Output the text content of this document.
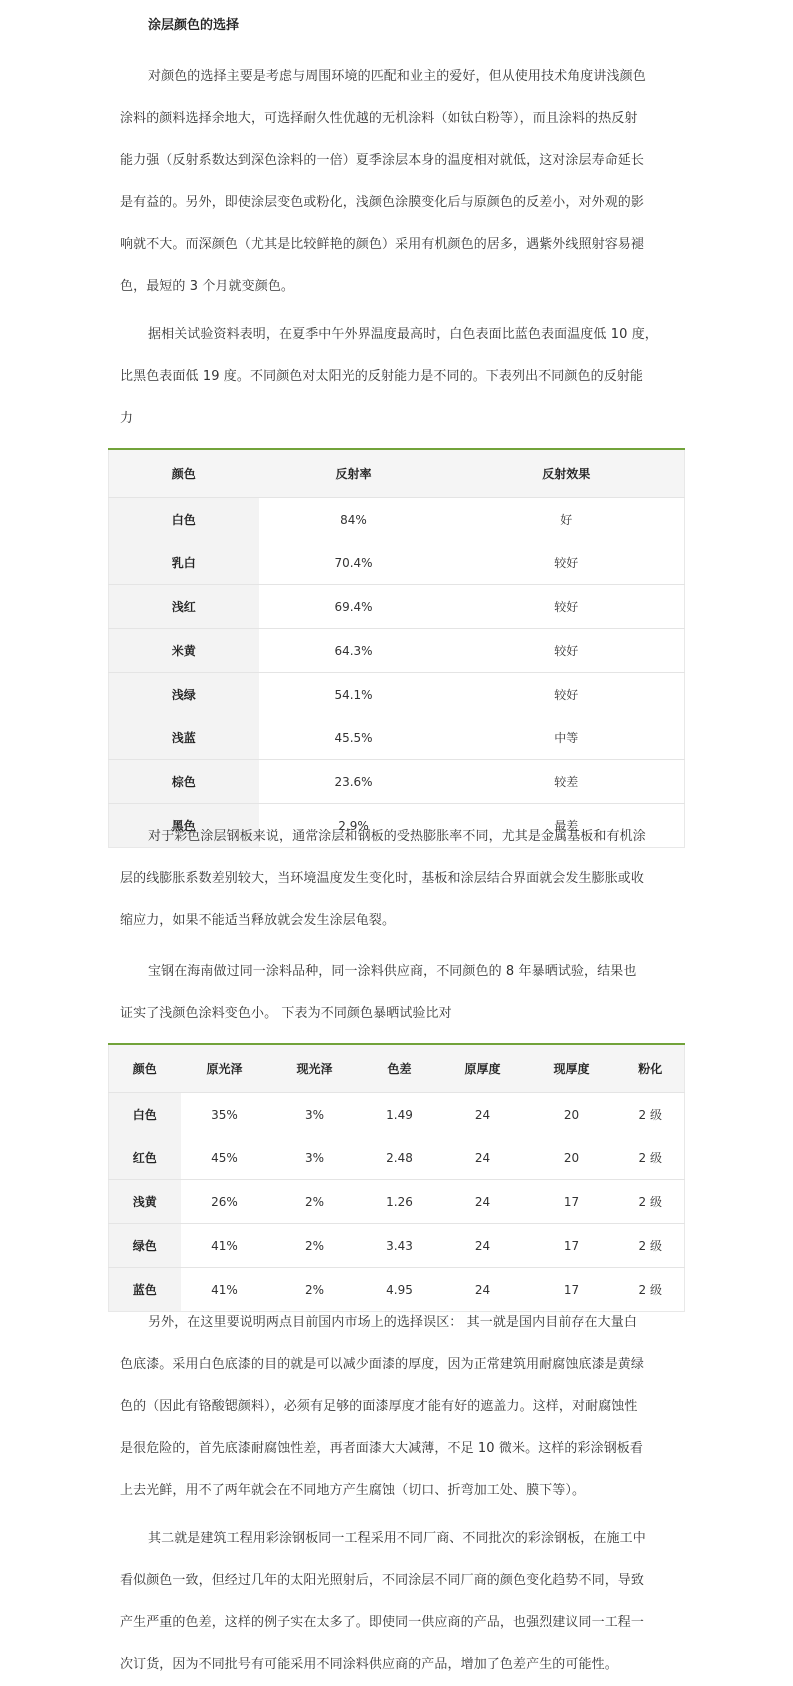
涂层颜色的选择

对颜色的选择主要是考虑与周围环境的匹配和业主的爱好，但从使用技术角度讲浅颜色
涂料的颜料选择余地大，可选择耐久性优越的无机涂料（如钛白粉等），而且涂料的热反射
能力强（反射系数达到深色涂料的一倍）夏季涂层本身的温度相对就低，这对涂层寿命延长
是有益的。另外，即使涂层变色或粉化，浅颜色涂膜变化后与原颜色的反差小，对外观的影
响就不大。而深颜色（尤其是比较鲜艳的颜色）采用有机颜色的居多，遇紫外线照射容易褪
色，最短的 3 个月就变颜色。

据相关试验资料表明，在夏季中午外界温度最高时，白色表面比蓝色表面温度低 10 度，
比黑色表面低 19 度。不同颜色对太阳光的反射能力是不同的。下表列出不同颜色的反射能
力

颜色	反射率	反射效果
白色	84%	好
乳白	70.4%	较好
浅红	69.4%	较好
米黄	64.3%	较好
浅绿	54.1%	较好
浅蓝	45.5%	中等
棕色	23.6%	较差
黑色	2.9%	最差

对于彩色涂层钢板来说，通常涂层和钢板的受热膨胀率不同，尤其是金属基板和有机涂
层的线膨胀系数差别较大，当环境温度发生变化时，基板和涂层结合界面就会发生膨胀或收
缩应力，如果不能适当释放就会发生涂层龟裂。

宝钢在海南做过同一涂料品种，同一涂料供应商，不同颜色的 8 年暴晒试验，结果也
证实了浅颜色涂料变色小。 下表为不同颜色暴晒试验比对

颜色	原光泽	现光泽	色差	原厚度	现厚度	粉化
白色	35%	3%	1.49	24	20	2 级
红色	45%	3%	2.48	24	20	2 级
浅黄	26%	2%	1.26	24	17	2 级
绿色	41%	2%	3.43	24	17	2 级
蓝色	41%	2%	4.95	24	17	2 级

另外，在这里要说明两点目前国内市场上的选择误区： 其一就是国内目前存在大量白
色底漆。采用白色底漆的目的就是可以减少面漆的厚度，因为正常建筑用耐腐蚀底漆是黄绿
色的（因此有铬酸锶颜料），必须有足够的面漆厚度才能有好的遮盖力。这样，对耐腐蚀性
是很危险的，首先底漆耐腐蚀性差，再者面漆大大减薄，不足 10 微米。这样的彩涂钢板看
上去光鲜，用不了两年就会在不同地方产生腐蚀（切口、折弯加工处、膜下等）。

其二就是建筑工程用彩涂钢板同一工程采用不同厂商、不同批次的彩涂钢板，在施工中
看似颜色一致，但经过几年的太阳光照射后，不同涂层不同厂商的颜色变化趋势不同，导致
产生严重的色差，这样的例子实在太多了。即使同一供应商的产品，也强烈建议同一工程一
次订货，因为不同批号有可能采用不同涂料供应商的产品，增加了色差产生的可能性。
